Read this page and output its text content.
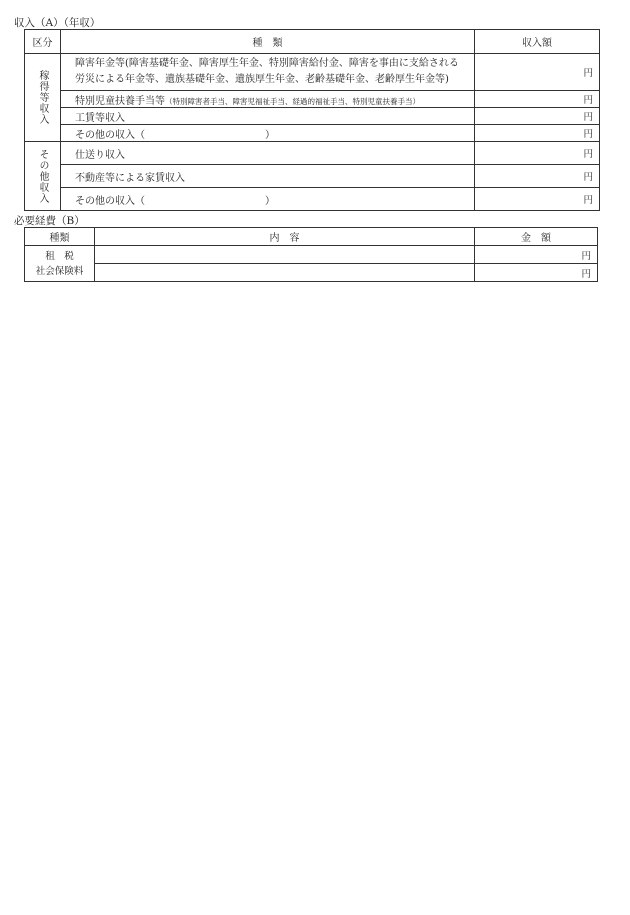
収入（A）（年収）
区分	種　類	収入額

稼得等収入	障害年金等(障害基礎年金、障害厚生年金、特別障害給付金、障害を事由に支給される
労災による年金等、遺族基礎年金、遺族厚生年金、老齢基礎年金、老齢厚生年金等)	円
	特別児童扶養手当等（特別障害者手当、障害児福祉手当、経過的福祉手当、特別児童扶養手当）	円
	工賃等収入	円
	その他の収入（　　　　　　　　　　　　）	円

その他収入	仕送り収入	円
	不動産等による家賃収入	円
	その他の収入（　　　　　　　　　　　　）	円
必要経費（B）
種類	内　容	金　額

租　税
社会保険料		円
		円
